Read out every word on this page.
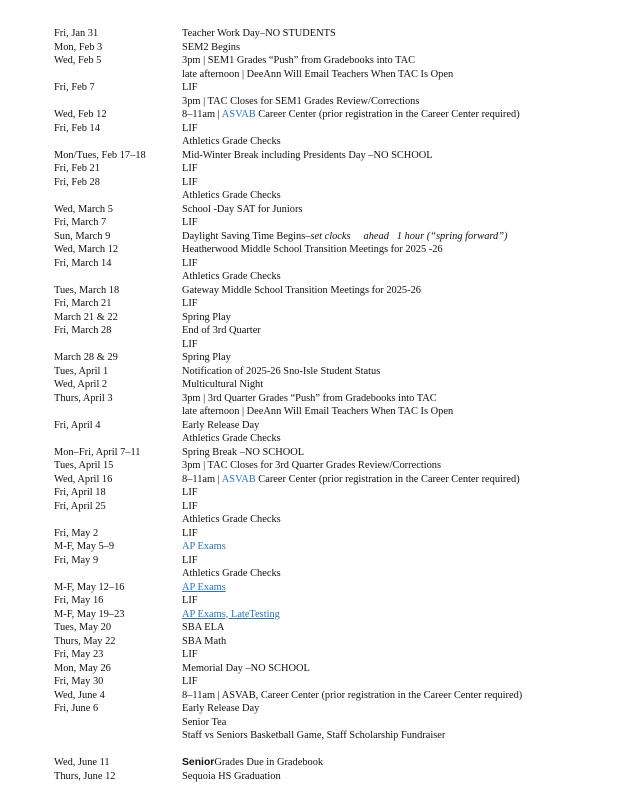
Fri, Jan 31	Teacher Work Day–NO STUDENTS
Mon, Feb 3	SEM2 Begins
Wed, Feb 5	3pm | SEM1 Grades “Push” from Gradebooks into TAC
late afternoon | DeeAnn Will Email Teachers When TAC Is Open
Fri, Feb 7	LIF
3pm | TAC Closes for SEM1 Grades Review/Corrections
Wed, Feb 12	8–11am | ASVAB Career Center (prior registration in the Career Center required)
Fri, Feb 14	LIF
Athletics Grade Checks
Mon/Tues, Feb 17–18	Mid-Winter Break including Presidents Day –NO SCHOOL
Fri, Feb 21	LIF
Fri, Feb 28	LIF
Athletics Grade Checks
Wed, March 5	School -Day SAT for Juniors
Fri, March 7	LIF
Sun, March 9	Daylight Saving Time Begins–set clocks     ahead   1 hour (“spring forward”)
Wed, March 12	Heatherwood Middle School Transition Meetings for 2025 -26
Fri, March 14	LIF
Athletics Grade Checks
Tues, March 18	Gateway Middle School Transition Meetings for 2025-26
Fri, March 21	LIF
March 21 & 22	Spring Play
Fri, March 28	End of 3rd Quarter
LIF
March 28 & 29	Spring Play
Tues, April 1	Notification of 2025-26 Sno-Isle Student Status
Wed, April 2	Multicultural Night
Thurs, April 3	3pm | 3rd Quarter Grades “Push” from Gradebooks into TAC
late afternoon | DeeAnn Will Email Teachers When TAC Is Open
Fri, April 4	Early Release Day
Athletics Grade Checks
Mon–Fri, April 7–11	Spring Break –NO SCHOOL
Tues, April 15	3pm | TAC Closes for 3rd Quarter Grades Review/Corrections
Wed, April 16	8–11am | ASVAB Career Center (prior registration in the Career Center required)
Fri, April 18	LIF
Fri, April 25	LIF
Athletics Grade Checks
Fri, May 2	LIF
M-F, May 5–9	AP Exams
Fri, May 9	LIF
Athletics Grade Checks
M-F, May 12–16	AP Exams
Fri, May 16	LIF
M-F, May 19–23	AP Exams, LateTesting
Tues, May 20	SBA ELA
Thurs, May 22	SBA Math
Fri, May 23	LIF
Mon, May 26	Memorial Day –NO SCHOOL
Fri, May 30	LIF
Wed, June 4	8–11am | ASVAB, Career Center (prior registration in the Career Center required)
Fri, June 6	Early Release Day
Senior Tea
Staff vs Seniors Basketball Game, Staff Scholarship Fundraiser
Wed, June 11	SeniorGrades Due in Gradebook
Thurs, June 12	Sequoia HS Graduation
